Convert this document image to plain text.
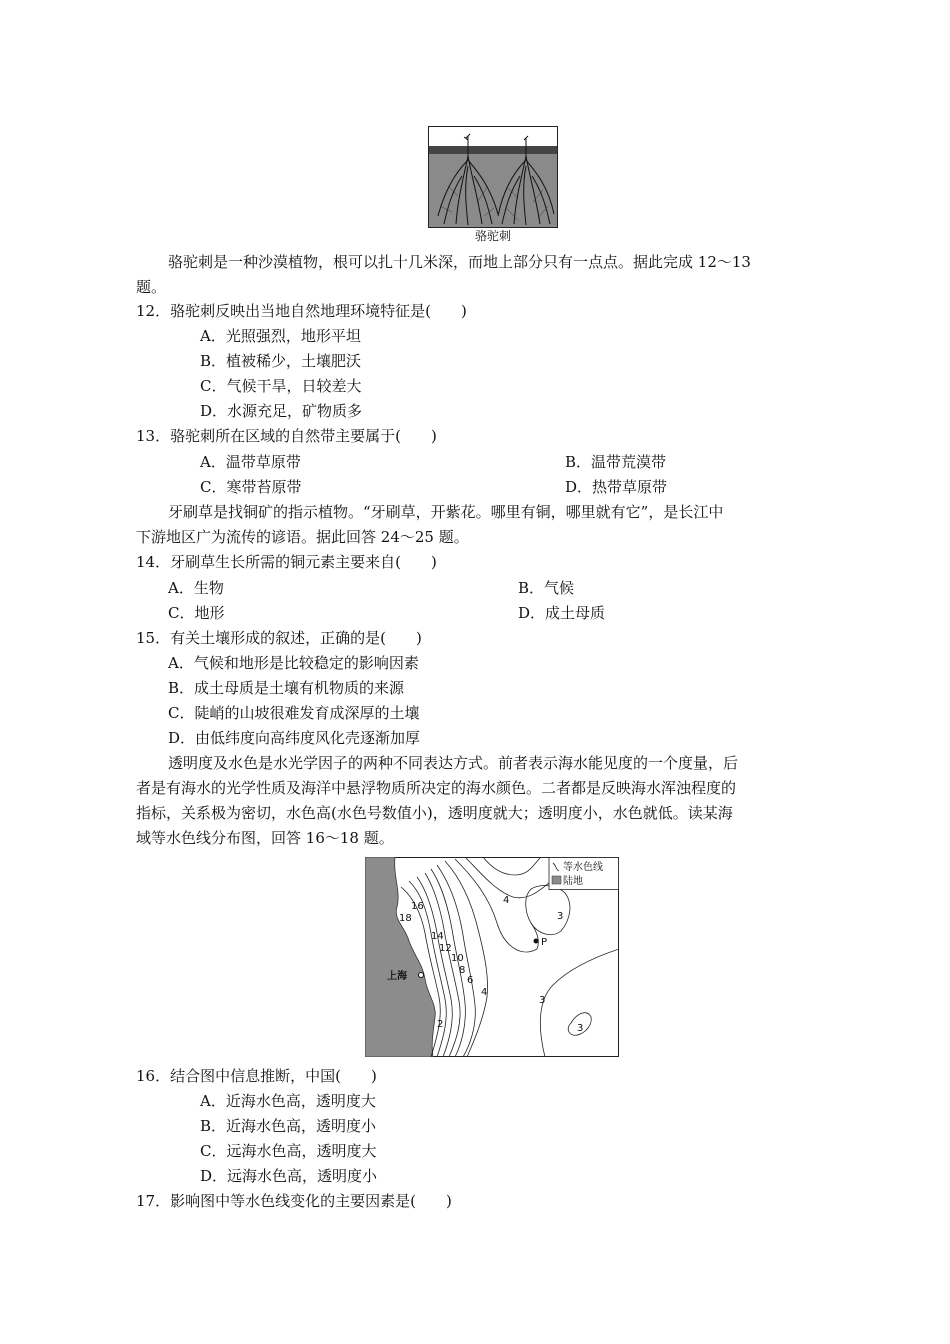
骆驼刺
骆驼刺是一种沙漠植物，根可以扎十几米深，而地上部分只有一点点。据此完成 12～13
题。
12．骆驼刺反映出当地自然地理环境特征是(　　)
A．光照强烈，地形平坦
B．植被稀少，土壤肥沃
C．气候干旱，日较差大
D．水源充足，矿物质多
13．骆驼刺所在区域的自然带主要属于(　　)
A．温带草原带	B．温带荒漠带
C．寒带苔原带	D．热带草原带
牙刷草是找铜矿的指示植物。“牙刷草，开紫花。哪里有铜，哪里就有它”，是长江中
下游地区广为流传的谚语。据此回答 24～25 题。
14．牙刷草生长所需的铜元素主要来自(　　)
A．生物	B．气候
C．地形	D．成土母质
15．有关土壤形成的叙述，正确的是(　　)
A．气候和地形是比较稳定的影响因素
B．成土母质是土壤有机物质的来源
C．陡峭的山坡很难发育成深厚的土壤
D．由低纬度向高纬度风化壳逐渐加厚
透明度及水色是水光学因子的两种不同表达方式。前者表示海水能见度的一个度量，后
者是有海水的光学性质及海洋中悬浮物质所决定的海水颜色。二者都是反映海水浑浊程度的
指标，关系极为密切，水色高(水色号数值小)，透明度就大；透明度小，水色就低。读某海
域等水色线分布图，回答 16～18 题。
P
上海
18
16
14
12
10
8
6
4
4
3
3
3
2
等水色线
陆地
16．结合图中信息推断，中国(　　)
A．近海水色高，透明度大
B．近海水色高，透明度小
C．远海水色高，透明度大
D．远海水色高，透明度小
17．影响图中等水色线变化的主要因素是(　　)
